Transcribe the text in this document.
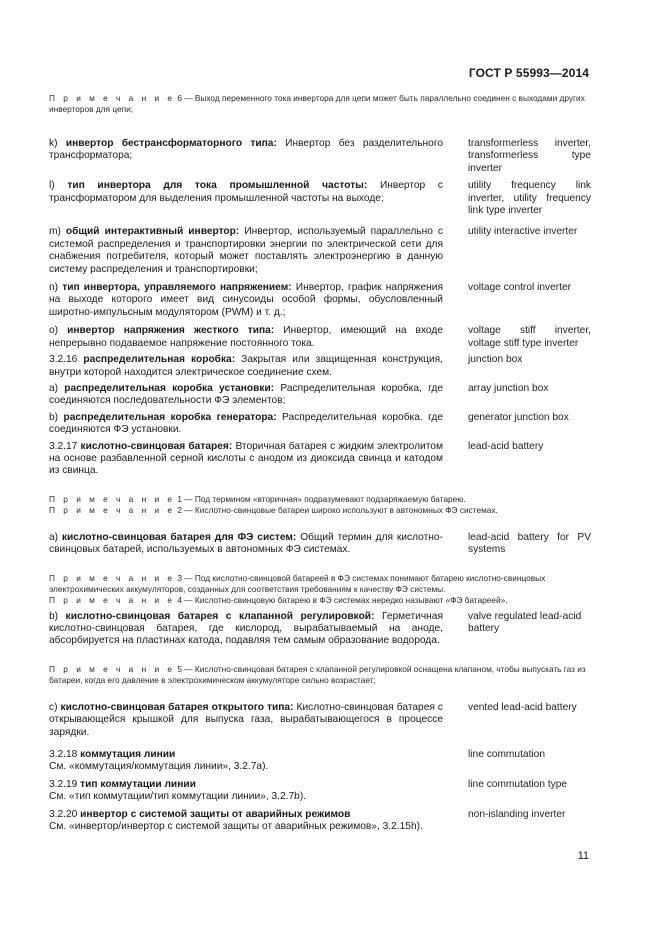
ГОСТ Р 55993—2014

П р и м е ч а н и е 6 — Выход переменного тока инвертора для цепи может быть параллельно соединен с выходами других инверторов для цепи;

k) инвертор бестрансформаторного типа: Инвертор без разделительного трансформатора;

transformerless inverter, transformerless type inverter

l) тип инвертора для тока промышленной частоты: Инвертор с трансформатором для выделения промышленной частоты на выходе;

utility frequency link inverter, utility frequency link type inverter

m) общий интерактивный инвертор: Инвертор, используемый параллельно с системой распределения и транспортировки энергии по электрической сети для снабжения потребителя, который может поставлять электроэнергию в данную систему распределения и транспортировки;

utility interactive inverter

n) тип инвертора, управляемого напряжением: Инвертор, график напряжения на выходе которого имеет вид синусоиды особой формы, обусловленный широтно-импульсным модулятором (PWM) и т. д.;

voltage control inverter

o) инвертор напряжения жесткого типа: Инвертор, имеющий на входе непрерывно подаваемое напряжение постоянного тока.

voltage stiff inverter, voltage stiff type inverter

3.2.16 распределительная коробка: Закрытая или защищенная конструкция, внутри которой находится электрическое соединение схем.

junction box

a) распределительная коробка установки: Распределительная коробка, где соединяются последовательности ФЭ элементов;

array junction box

b) распределительная коробка генератора: Распределительная коробка. где соединяются ФЭ установки.

generator junction box

3.2.17 кислотно-свинцовая батарея: Вторичная батарея с жидким электролитом на основе разбавленной серной кислоты с анодом из диоксида свинца и катодом из свинца.

lead-acid battery

П р и м е ч а н и е 1 — Под термином «вторичная» подразумевают подзаряжаемую батарею.

П р и м е ч а н и е 2 — Кислотно-свинцовые батареи широко используют в автономных ФЭ системах.

a) кислотно-свинцовая батарея для ФЭ систем: Общий термин для кислотно-свинцовых батарей, используемых в автономных ФЭ системах.

lead-acid battery for PV systems

П р и м е ч а н и е 3 — Под кислотно-свинцовой батареей в ФЭ системах понимают батарею кислотно-свинцовых электрохимических аккумуляторов, созданных для соответствия требованиям к качеству ФЭ системы.

П р и м е ч а н и е 4 — Кислотно-свинцовую батарею в ФЭ системах нередко называют «ФЭ батареей».

b) кислотно-свинцовая батарея с клапанной регулировкой: Герметичная кислотно-свинцовая батарея, где кислород, вырабатываемый на аноде, абсорбируется на пластинах катода, подавляя тем самым образование водорода.

valve regulated lead-acid battery

П р и м е ч а н и е 5 — Кислотно-свинцовая батарея с клапанной регулировкой оснащена клапаном, чтобы выпускать газ из батареи, когда его давление в электрохимическом аккумуляторе сильно возрастает;

c) кислотно-свинцовая батарея открытого типа: Кислотно-свинцовая батарея с открывающейся крышкой для выпуска газа, вырабатывающегося в процессе зарядки.

vented lead-acid battery

3.2.18 коммутация линии
См. «коммутация/коммутация линии», 3.2.7a).

line commutation

3.2.19 тип коммутации линии
См. «тип коммутации/тип коммутации линии», 3.2.7b).

line commutation type

3.2.20 инвертор с системой защиты от аварийных режимов
См. «инвертор/инвертор с системой защиты от аварийных режимов», 3.2.15h).

non-islanding inverter

11
